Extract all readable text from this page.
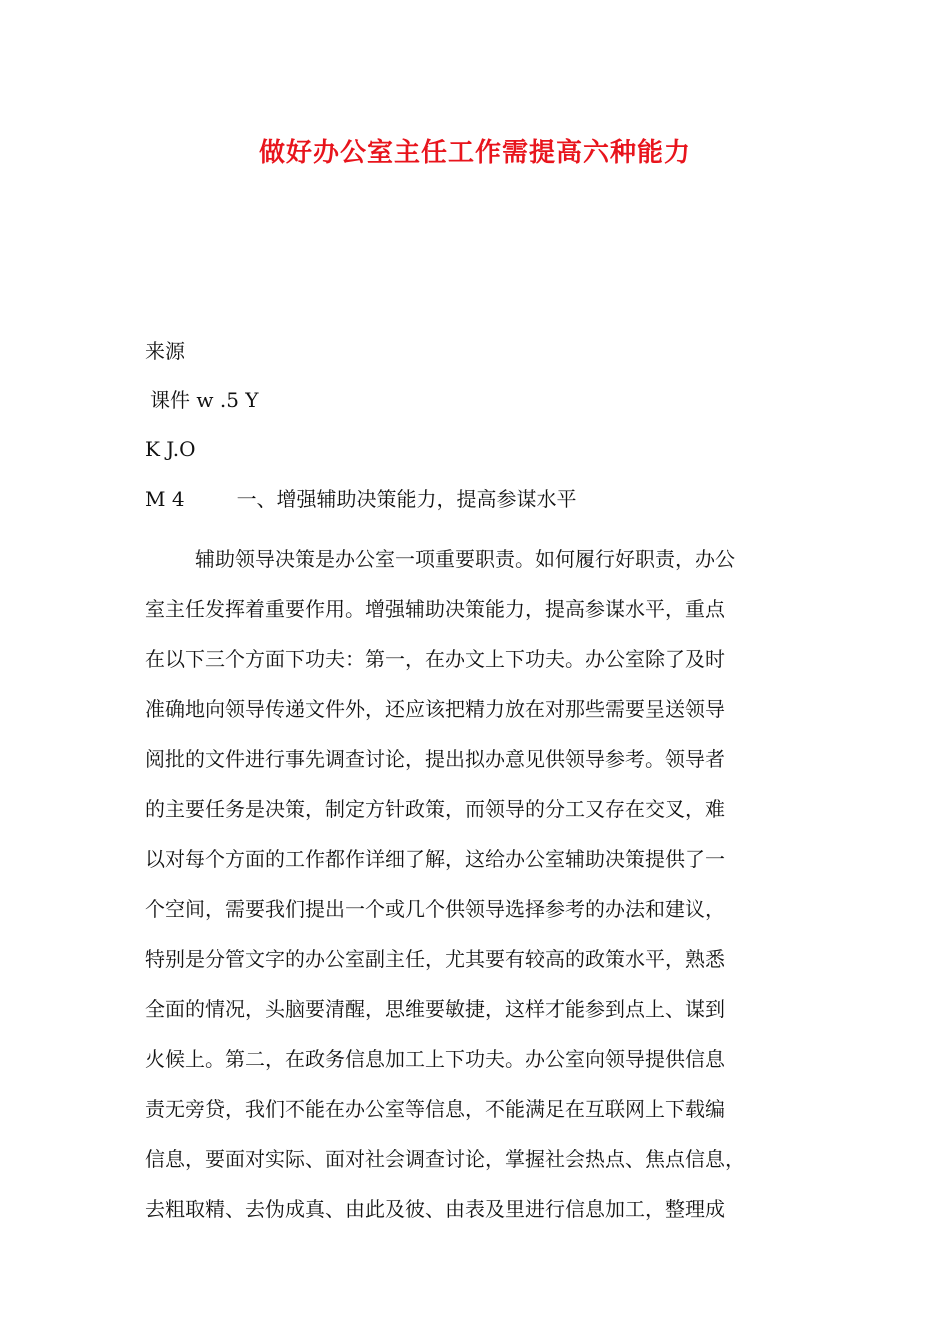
做好办公室主任工作需提高六种能力
来源
课件 w .5 Y
K J.O
M 4	一、增强辅助决策能力，提高参谋水平
辅助领导决策是办公室一项重要职责。如何履行好职责，办公
室主任发挥着重要作用。增强辅助决策能力，提高参谋水平，重点
在以下三个方面下功夫：第一，在办文上下功夫。办公室除了及时
准确地向领导传递文件外，还应该把精力放在对那些需要呈送领导
阅批的文件进行事先调查讨论，提出拟办意见供领导参考。领导者
的主要任务是决策，制定方针政策，而领导的分工又存在交叉，难
以对每个方面的工作都作详细了解，这给办公室辅助决策提供了一
个空间，需要我们提出一个或几个供领导选择参考的办法和建议，
特别是分管文字的办公室副主任，尤其要有较高的政策水平，熟悉
全面的情况，头脑要清醒，思维要敏捷，这样才能参到点上、谋到
火候上。第二，在政务信息加工上下功夫。办公室向领导提供信息
责无旁贷，我们不能在办公室等信息，不能满足在互联网上下载编
信息，要面对实际、面对社会调查讨论，掌握社会热点、焦点信息，
去粗取精、去伪成真、由此及彼、由表及里进行信息加工，整理成
